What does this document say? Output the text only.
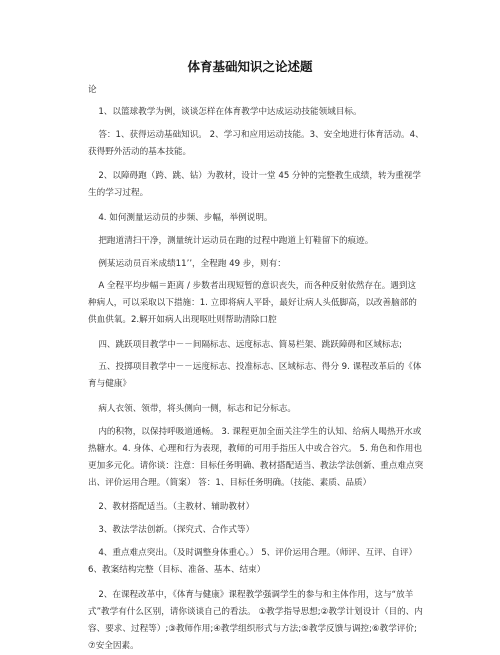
体育基础知识之论述题
论
1、以篮球教学为例，谈谈怎样在体育教学中达成运动技能领域目标。
答：1、获得运动基础知识。 2、学习和应用运动技能。3、安全地进行体育活动。4、获得野外活动的基本技能。
2、以障碍跑（跨、跳、钻）为教材，设计一堂 45 分钟的完整教生成绩，转为重视学生的学习过程。
4. 如何测量运动员的步频、步幅，举例说明。
把跑道清扫干净，测量统计运动员在跑的过程中跑道上钉鞋留下的痕迹。
例某运动员百米成绩11’’，全程跑 49 步，则有：
A 全程平均步幅＝距离 / 步数者出现短暂的意识丧失，而各种反射依然存在。遇到这种病人，可以采取以下措施：1. 立即将病人平卧，最好让病人头低脚高，以改善脑部的供血供氧。2.解开如病人出现呕吐则帮助清除口腔
四、跳跃项目教学中－－间隔标志、远度标志、简易栏架、跳跃障碍和区域标志;
五、投掷项目教学中－－远度标志、投准标志、区域标志、得分 9. 课程改革后的《体育与健康》
病人衣领、领带，将头侧向一侧，标志和记分标志。
内的积物，以保持呼吸道通畅。 3. 课程更加全面关注学生的认知、给病人喝热开水或热糖水。4. 身体、心理和行为表现，教师的可用手指压人中或合谷穴。 5. 角色和作用也更加多元化。请你谈：注意：目标任务明确、教材搭配适当、教法学法创新、重点难点突出、评价运用合理。（简案） 答：1、目标任务明确。（技能、素质、品质）
2、教材搭配适当。（主教材、辅助教材）
3、教法学法创新。（探究式、合作式等）
4、重点难点突出。（及时调整身体重心。） 5、评价运用合理。（师评、互评、自评） 6、教案结构完整（目标、准备、基本、结束）
2、在课程改革中，《体育与健康》课程教学强调学生的参与和主体作用，这与“放羊式”教学有什么区别，请你谈谈自己的看法。 ①教学指导思想;②教学计划设计（目的、内容、要求、过程等）;③教师作用;④教学组织形式与方法;⑤教学反馈与调控;⑥教学评价;⑦安全因素。
